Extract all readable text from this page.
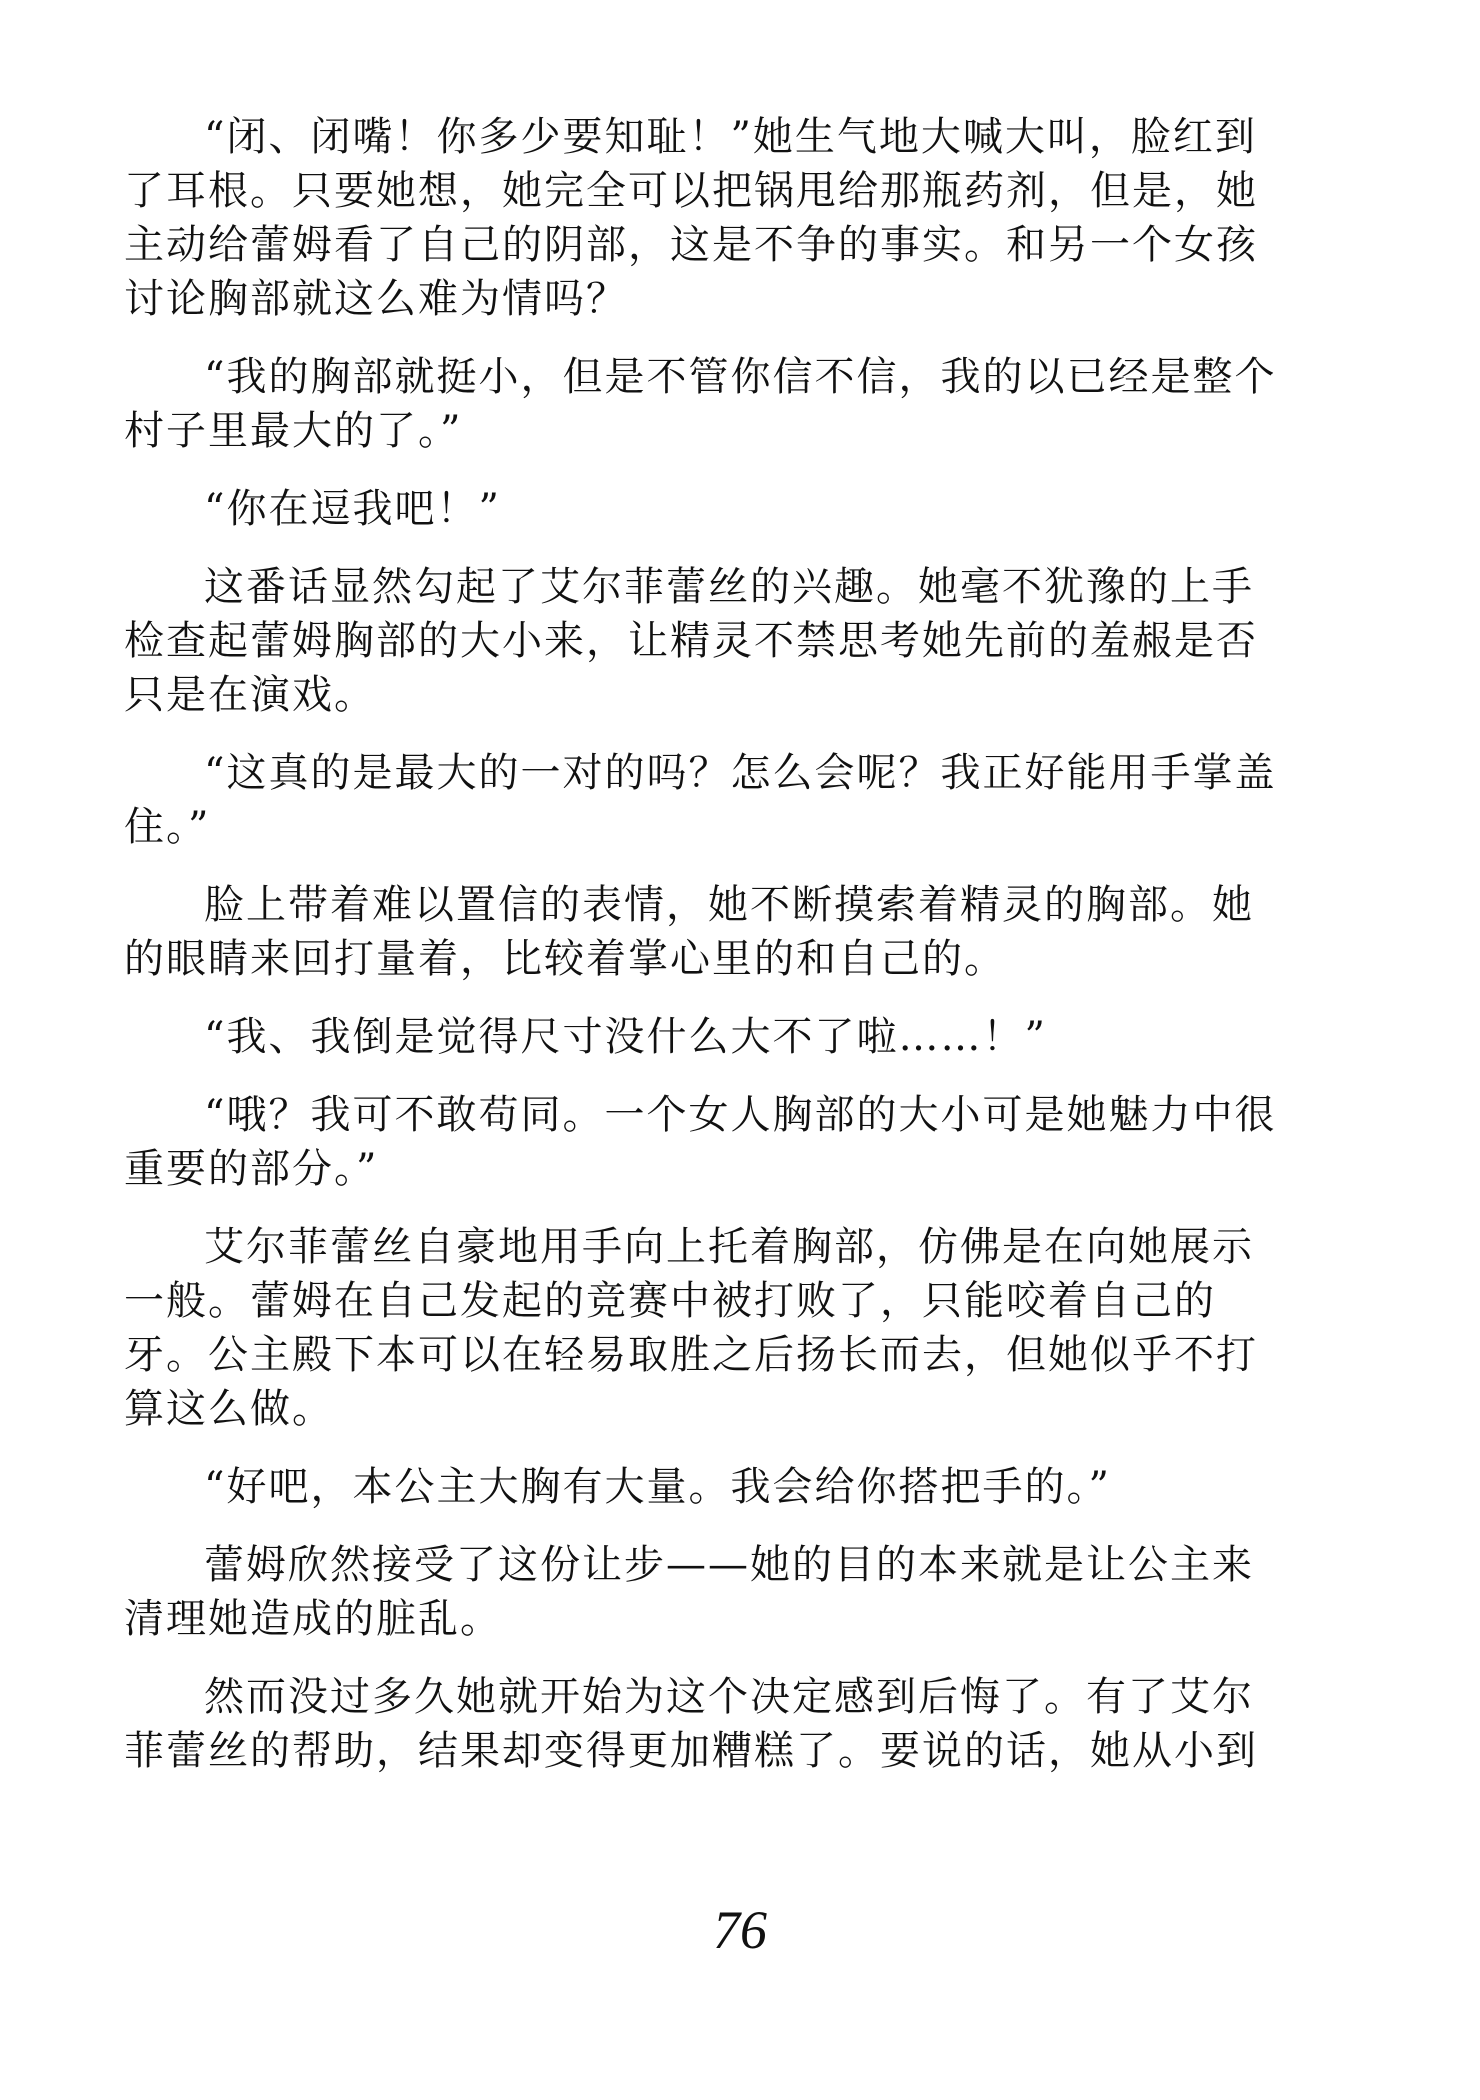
“闭、闭嘴！你多少要知耻！”她生气地大喊大叫，脸红到了耳根。只要她想，她完全可以把锅甩给那瓶药剂，但是，她主动给蕾姆看了自己的阴部，这是不争的事实。和另一个女孩讨论胸部就这么难为情吗？

“我的胸部就挺小，但是不管你信不信，我的以已经是整个村子里最大的了。”

“你在逗我吧！”

这番话显然勾起了艾尔菲蕾丝的兴趣。她毫不犹豫的上手检查起蕾姆胸部的大小来，让精灵不禁思考她先前的羞赧是否只是在演戏。

“这真的是最大的一对的吗？怎么会呢？我正好能用手掌盖住。”

脸上带着难以置信的表情，她不断摸索着精灵的胸部。她的眼睛来回打量着，比较着掌心里的和自己的。

“我、我倒是觉得尺寸没什么大不了啦……！”

“哦？我可不敢苟同。一个女人胸部的大小可是她魅力中很重要的部分。”

艾尔菲蕾丝自豪地用手向上托着胸部，仿佛是在向她展示一般。蕾姆在自己发起的竞赛中被打败了，只能咬着自己的牙。公主殿下本可以在轻易取胜之后扬长而去，但她似乎不打算这么做。

“好吧，本公主大胸有大量。我会给你搭把手的。”

蕾姆欣然接受了这份让步——她的目的本来就是让公主来清理她造成的脏乱。

然而没过多久她就开始为这个决定感到后悔了。有了艾尔菲蕾丝的帮助，结果却变得更加糟糕了。要说的话，她从小到

76
